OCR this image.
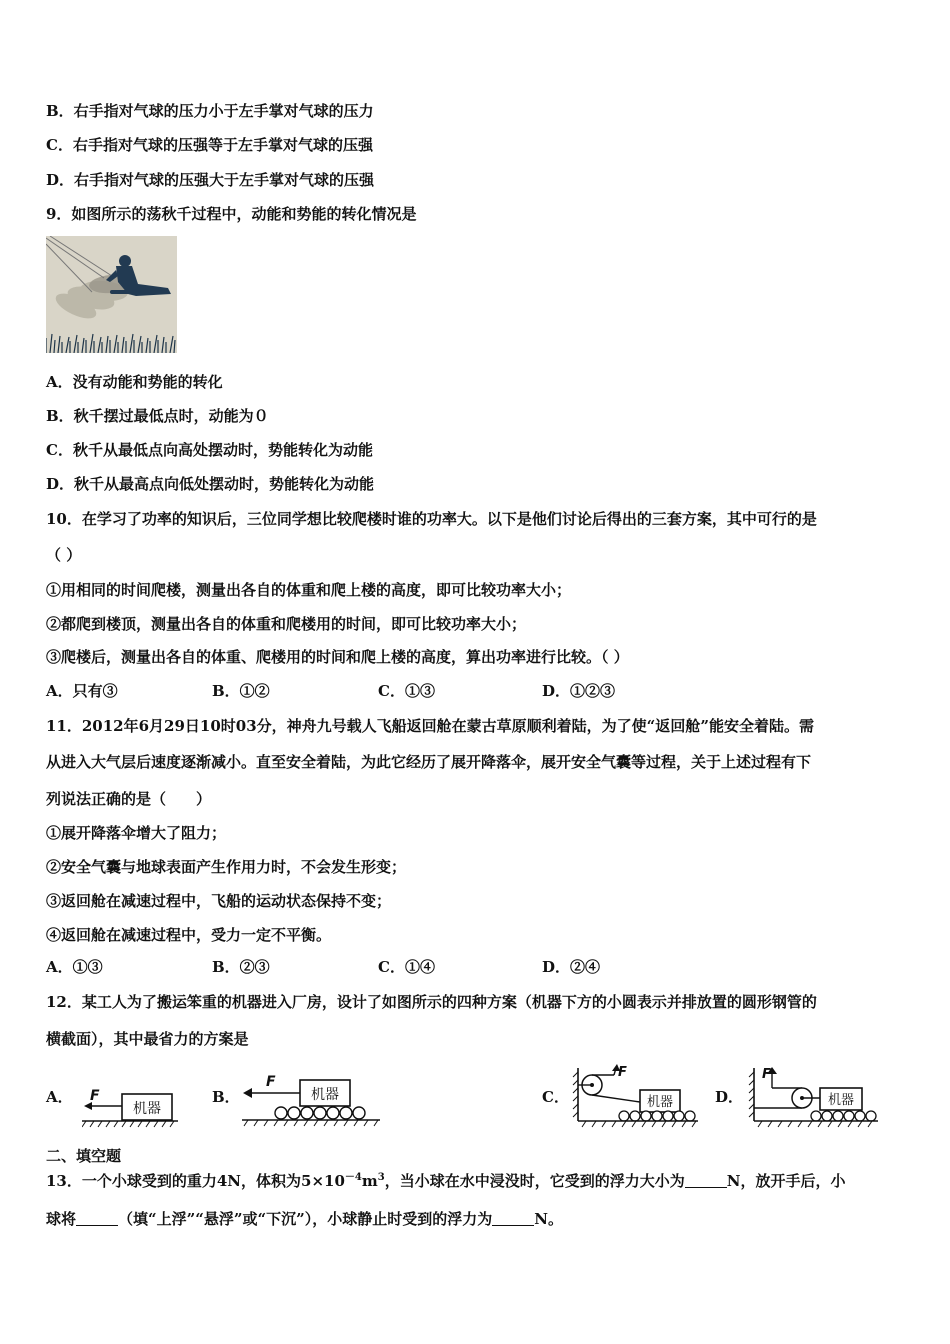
B．右手指对气球的压力小于左手掌对气球的压力
C．右手指对气球的压强等于左手掌对气球的压强
D．右手指对气球的压强大于左手掌对气球的压强
9．如图所示的荡秋千过程中，动能和势能的转化情况是
A．没有动能和势能的转化
B．秋千摆过最低点时，动能为０
C．秋千从最低点向高处摆动时，势能转化为动能
D．秋千从最高点向低处摆动时，势能转化为动能
10．在学习了功率的知识后，三位同学想比较爬楼时谁的功率大。以下是他们讨论后得出的三套方案，其中可行的是
（ ）
①用相同的时间爬楼，测量出各自的体重和爬上楼的高度，即可比较功率大小；
②都爬到楼顶，测量出各自的体重和爬楼用的时间，即可比较功率大小；
③爬楼后，测量出各自的体重、爬楼用的时间和爬上楼的高度，算出功率进行比较。（ ）
A．只有③	B．①②	C．①③	D．①②③
11．2012年6月29日10时03分，神舟九号载人飞船返回舱在蒙古草原顺利着陆，为了使“返回舱”能安全着陆。需
从进入大气层后速度逐渐减小。直至安全着陆，为此它经历了展开降落伞，展开安全气囊等过程，关于上述过程有下
列说法正确的是（　　）
①展开降落伞增大了阻力；
②安全气囊与地球表面产生作用力时，不会发生形变；
③返回舱在减速过程中，飞船的运动状态保持不变；
④返回舱在减速过程中，受力一定不平衡。
A．①③	B．②③	C．①④	D．②④
12．某工人为了搬运笨重的机器进入厂房，设计了如图所示的四种方案（机器下方的小圆表示并排放置的圆形钢管的
横截面），其中最省力的方案是
A．	B．	C．	D．
机器
F	机器
F
F
机器
F
机器
二、填空题
13．一个小球受到的重力4N，体积为$5\times 10^{-4}m^3$，当小球在水中浸没时，它受到的浮力大小为	N，放开手后，小
球将	（填“上浮”“悬浮”或“下沉”），小球静止时受到的浮力为	N。
